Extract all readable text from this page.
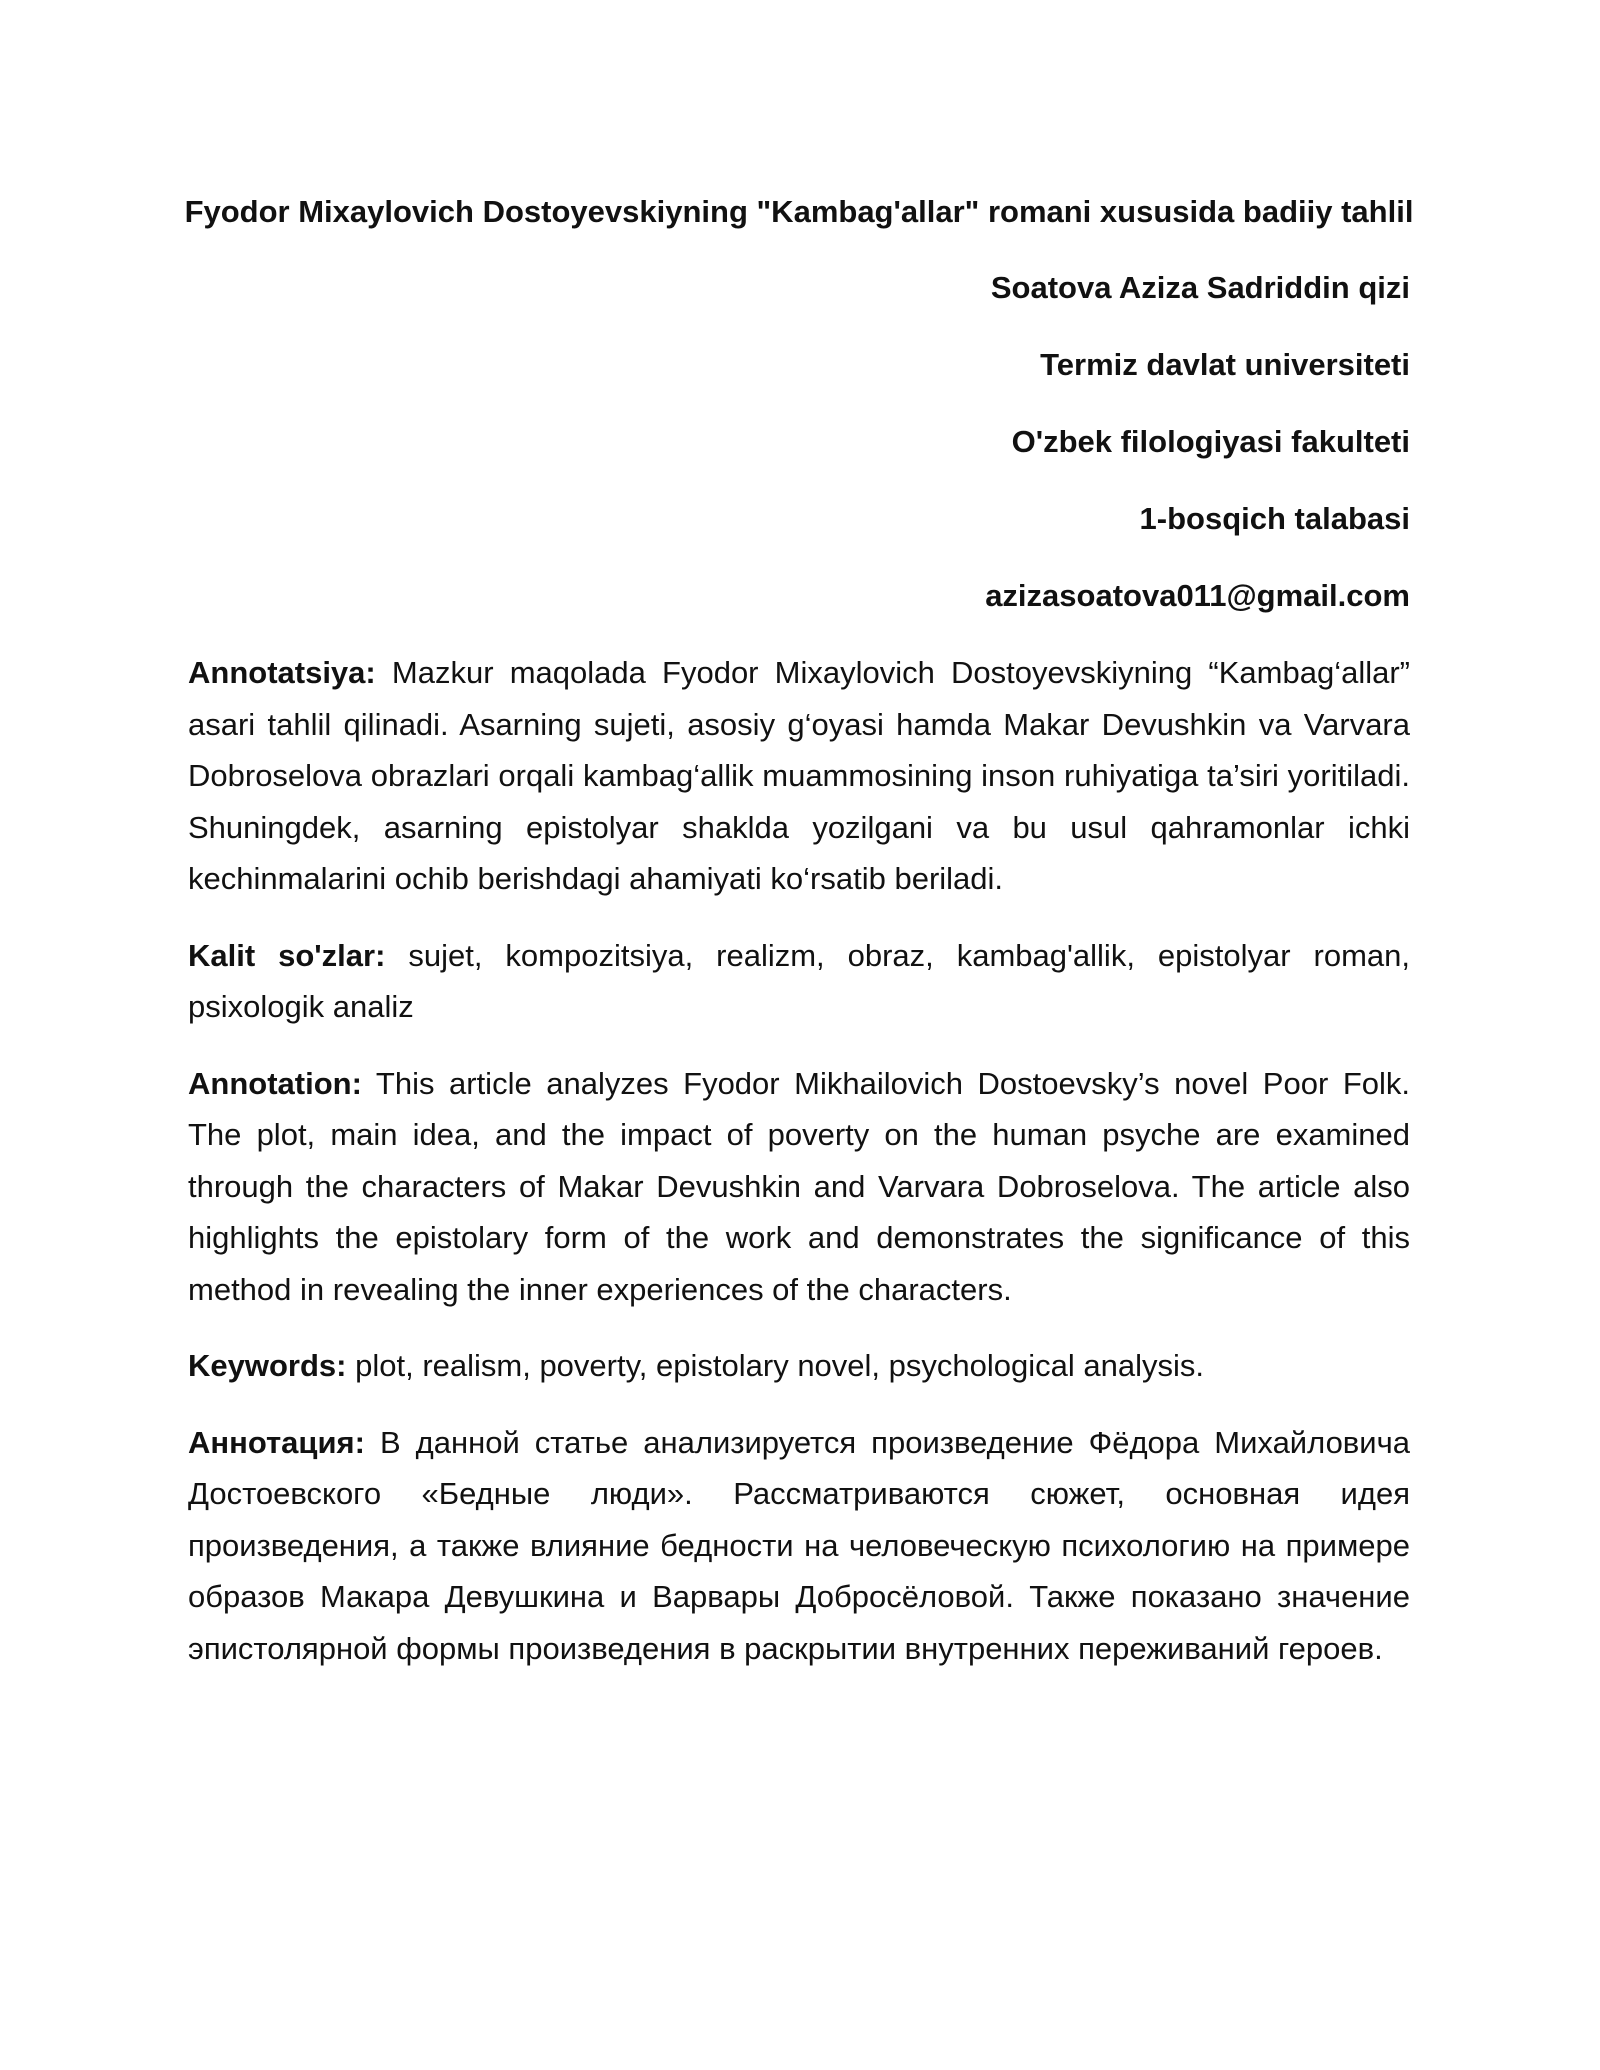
Fyodor Mixaylovich Dostoyevskiyning "Kambag'allar" romani xususida badiiy tahlil
Soatova Aziza Sadriddin qizi
Termiz davlat universiteti
O'zbek filologiyasi fakulteti
1-bosqich talabasi
azizasoatova011@gmail.com
Annotatsiya: Mazkur maqolada Fyodor Mixaylovich Dostoyevskiyning “Kambag‘allar” asari tahlil qilinadi. Asarning sujeti, asosiy g‘oyasi hamda Makar Devushkin va Varvara Dobroselova obrazlari orqali kambag‘allik muammosining inson ruhiyatiga ta’siri yoritiladi. Shuningdek, asarning epistolyar shaklda yozilgani va bu usul qahramonlar ichki kechinmalarini ochib berishdagi ahamiyati ko‘rsatib beriladi.
Kalit so'zlar: sujet, kompozitsiya, realizm, obraz, kambag'allik, epistolyar roman, psixologik analiz
Annotation: This article analyzes Fyodor Mikhailovich Dostoevsky’s novel Poor Folk. The plot, main idea, and the impact of poverty on the human psyche are examined through the characters of Makar Devushkin and Varvara Dobroselova. The article also highlights the epistolary form of the work and demonstrates the significance of this method in revealing the inner experiences of the characters.
Keywords: plot, realism, poverty, epistolary novel, psychological analysis.
Аннотация: В данной статье анализируется произведение Фёдора Михайловича Достоевского «Бедные люди». Рассматриваются сюжет, основная идея произведения, а также влияние бедности на человеческую психологию на примере образов Макара Девушкина и Варвары Доброcёловой. Также показано значение эпистолярной формы произведения в раскрытии внутренних переживаний героев.
